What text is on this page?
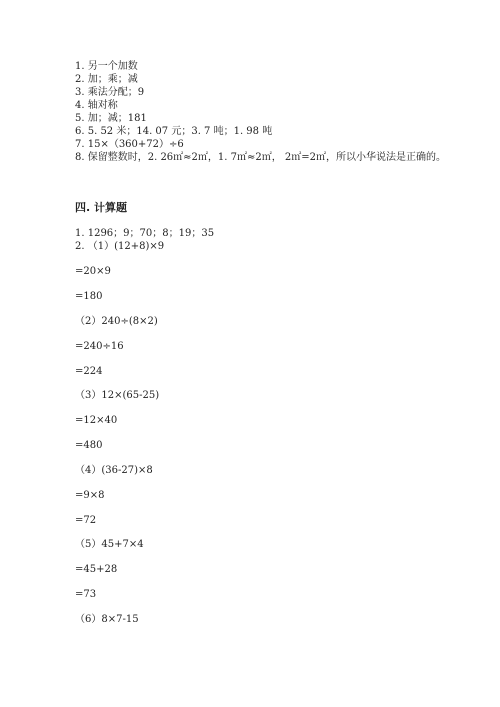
1. 另一个加数
2. 加；乘；减
3. 乘法分配；9
4. 轴对称
5. 加；减；181
6. 5. 52 米；14. 07 元；3. 7 吨；1. 98 吨
7. 15×（360+72）÷6
8. 保留整数时，2. 26㎡≈2㎡，1. 7㎡≈2㎡， 2㎡=2㎡，所以小华说法是正确的。
四. 计算题
1. 1296；9；70；8；19；35
2. （1）(12+8)×9
=20×9
=180
（2）240÷(8×2)
=240÷16
=224
（3）12×(65-25)
=12×40
=480
（4）(36-27)×8
=9×8
=72
（5）45+7×4
=45+28
=73
（6）8×7-15
